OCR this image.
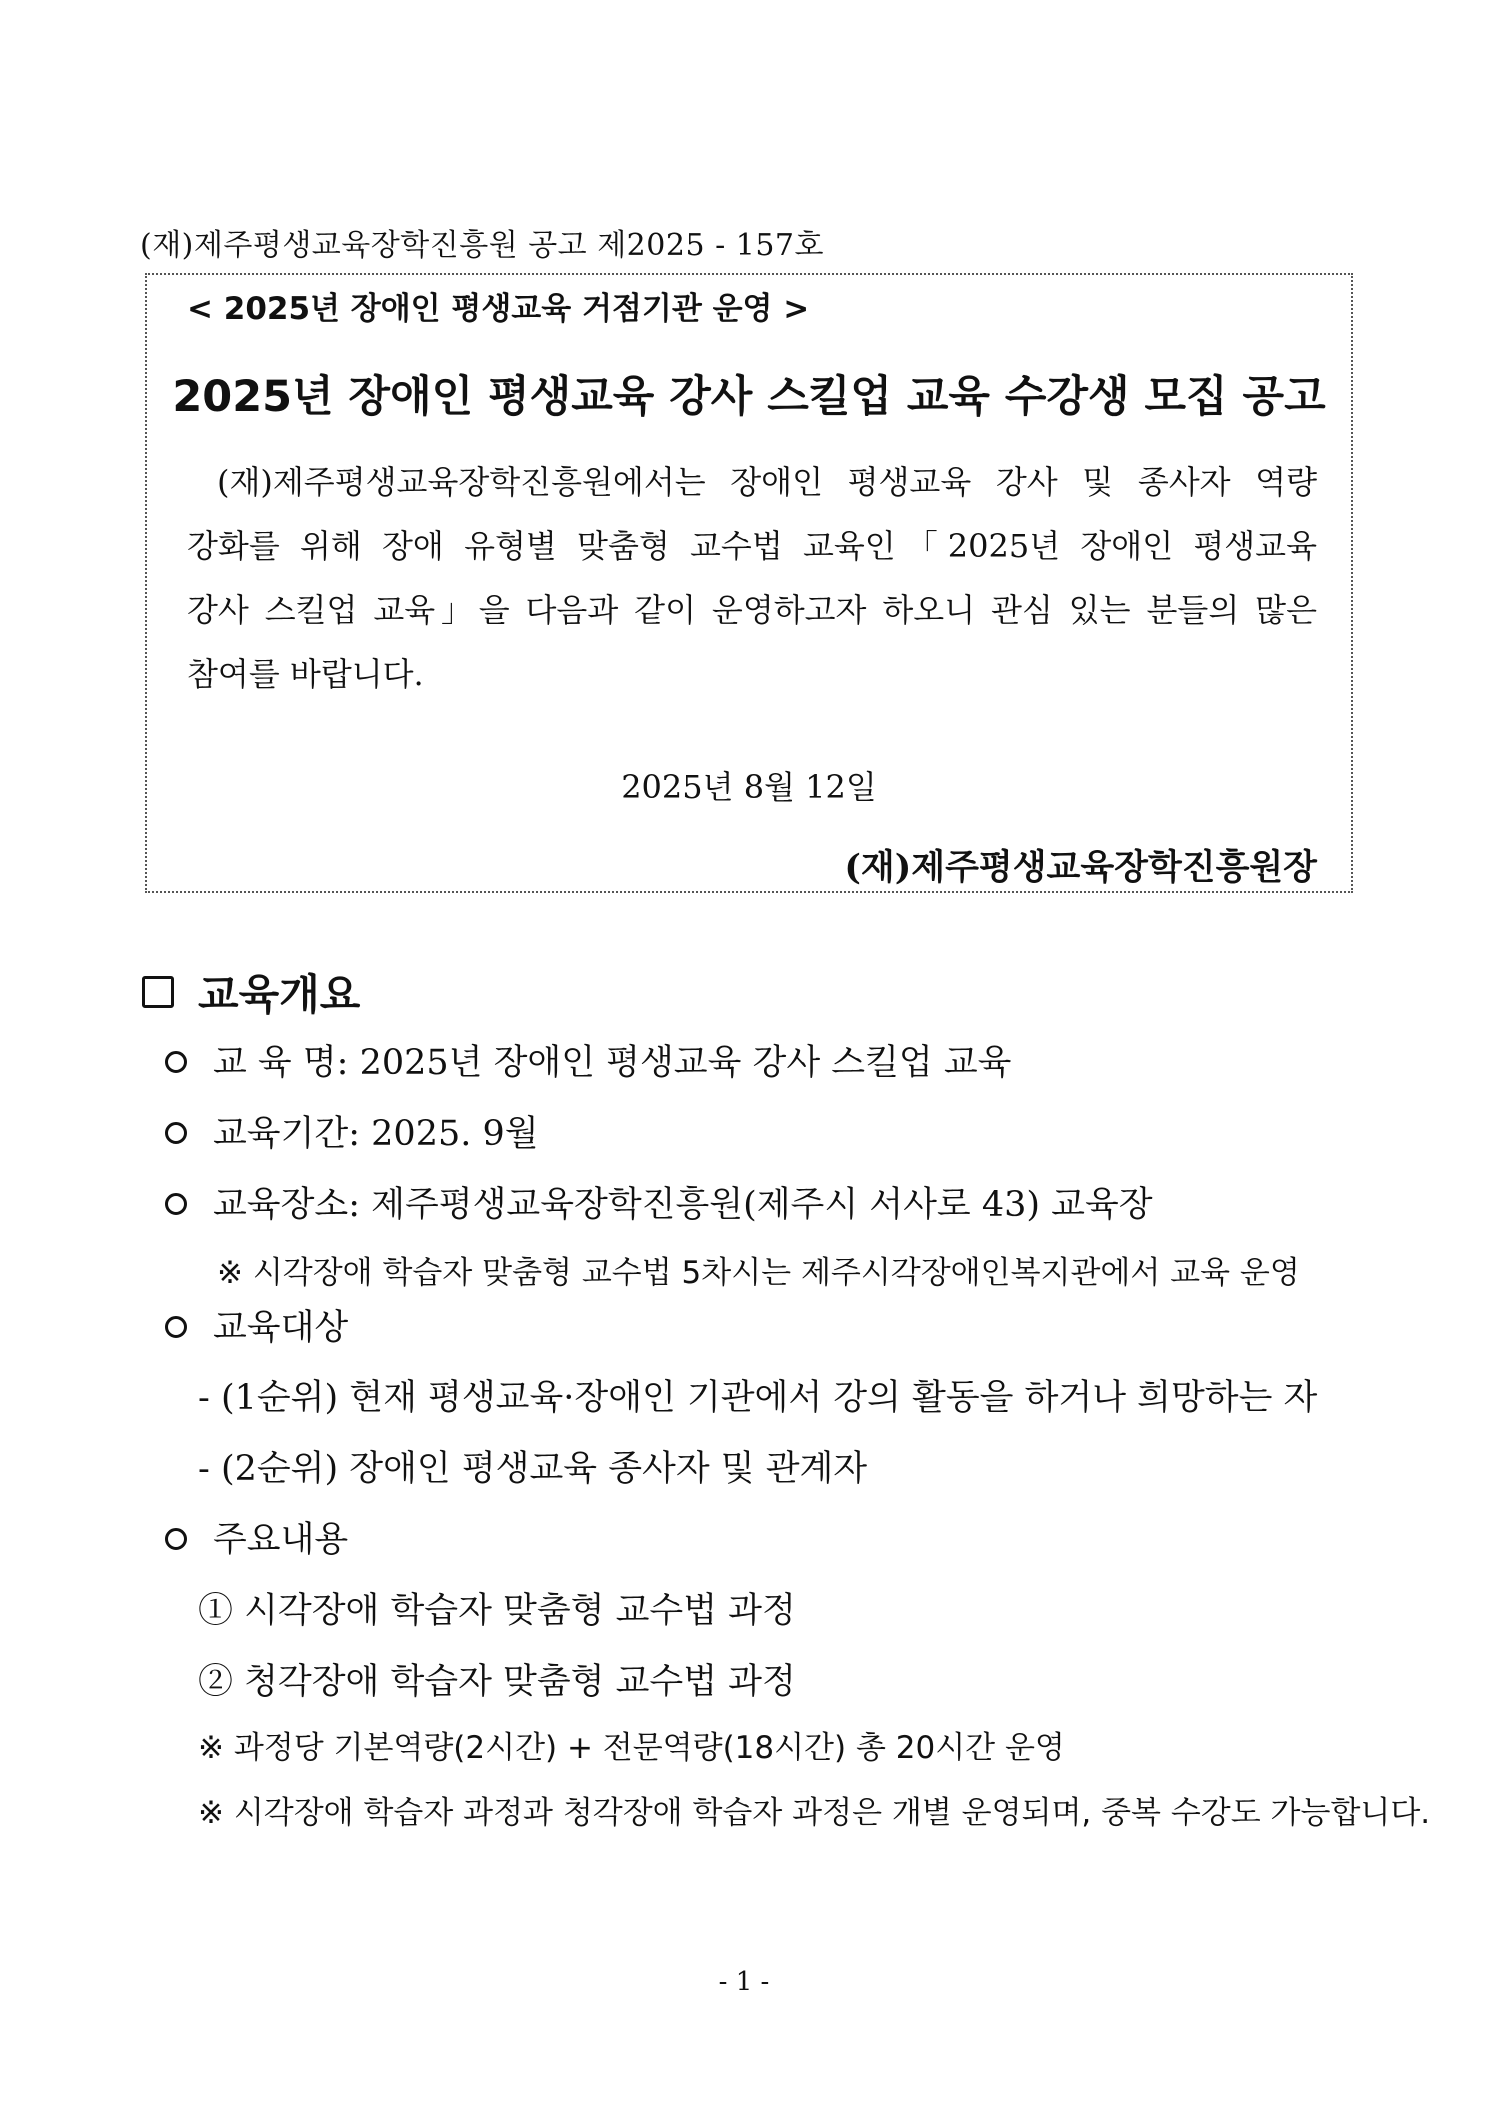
(재)제주평생교육장학진흥원 공고 제2025 - 157호
< 2025년 장애인 평생교육 거점기관 운영 >
2025년 장애인 평생교육 강사 스킬업 교육 수강생 모집 공고
(재)제주평생교육장학진흥원에서는 장애인 평생교육 강사 및 종사자 역량
강화를 위해 장애 유형별 맞춤형 교수법 교육인「2025년 장애인 평생교육
강사 스킬업 교육」을 다음과 같이 운영하고자 하오니 관심 있는 분들의 많은
참여를 바랍니다.
2025년 8월 12일
(재)제주평생교육장학진흥원장
교육개요
교 육 명: 2025년 장애인 평생교육 강사 스킬업 교육
교육기간: 2025. 9월
교육장소: 제주평생교육장학진흥원(제주시 서사로 43) 교육장
※ 시각장애 학습자 맞춤형 교수법 5차시는 제주시각장애인복지관에서 교육 운영
교육대상
- (1순위) 현재 평생교육·장애인 기관에서 강의 활동을 하거나 희망하는 자
- (2순위) 장애인 평생교육 종사자 및 관계자
주요내용
① 시각장애 학습자 맞춤형 교수법 과정
② 청각장애 학습자 맞춤형 교수법 과정
※ 과정당 기본역량(2시간) + 전문역량(18시간) 총 20시간 운영
※ 시각장애 학습자 과정과 청각장애 학습자 과정은 개별 운영되며, 중복 수강도 가능합니다.
- 1 -
